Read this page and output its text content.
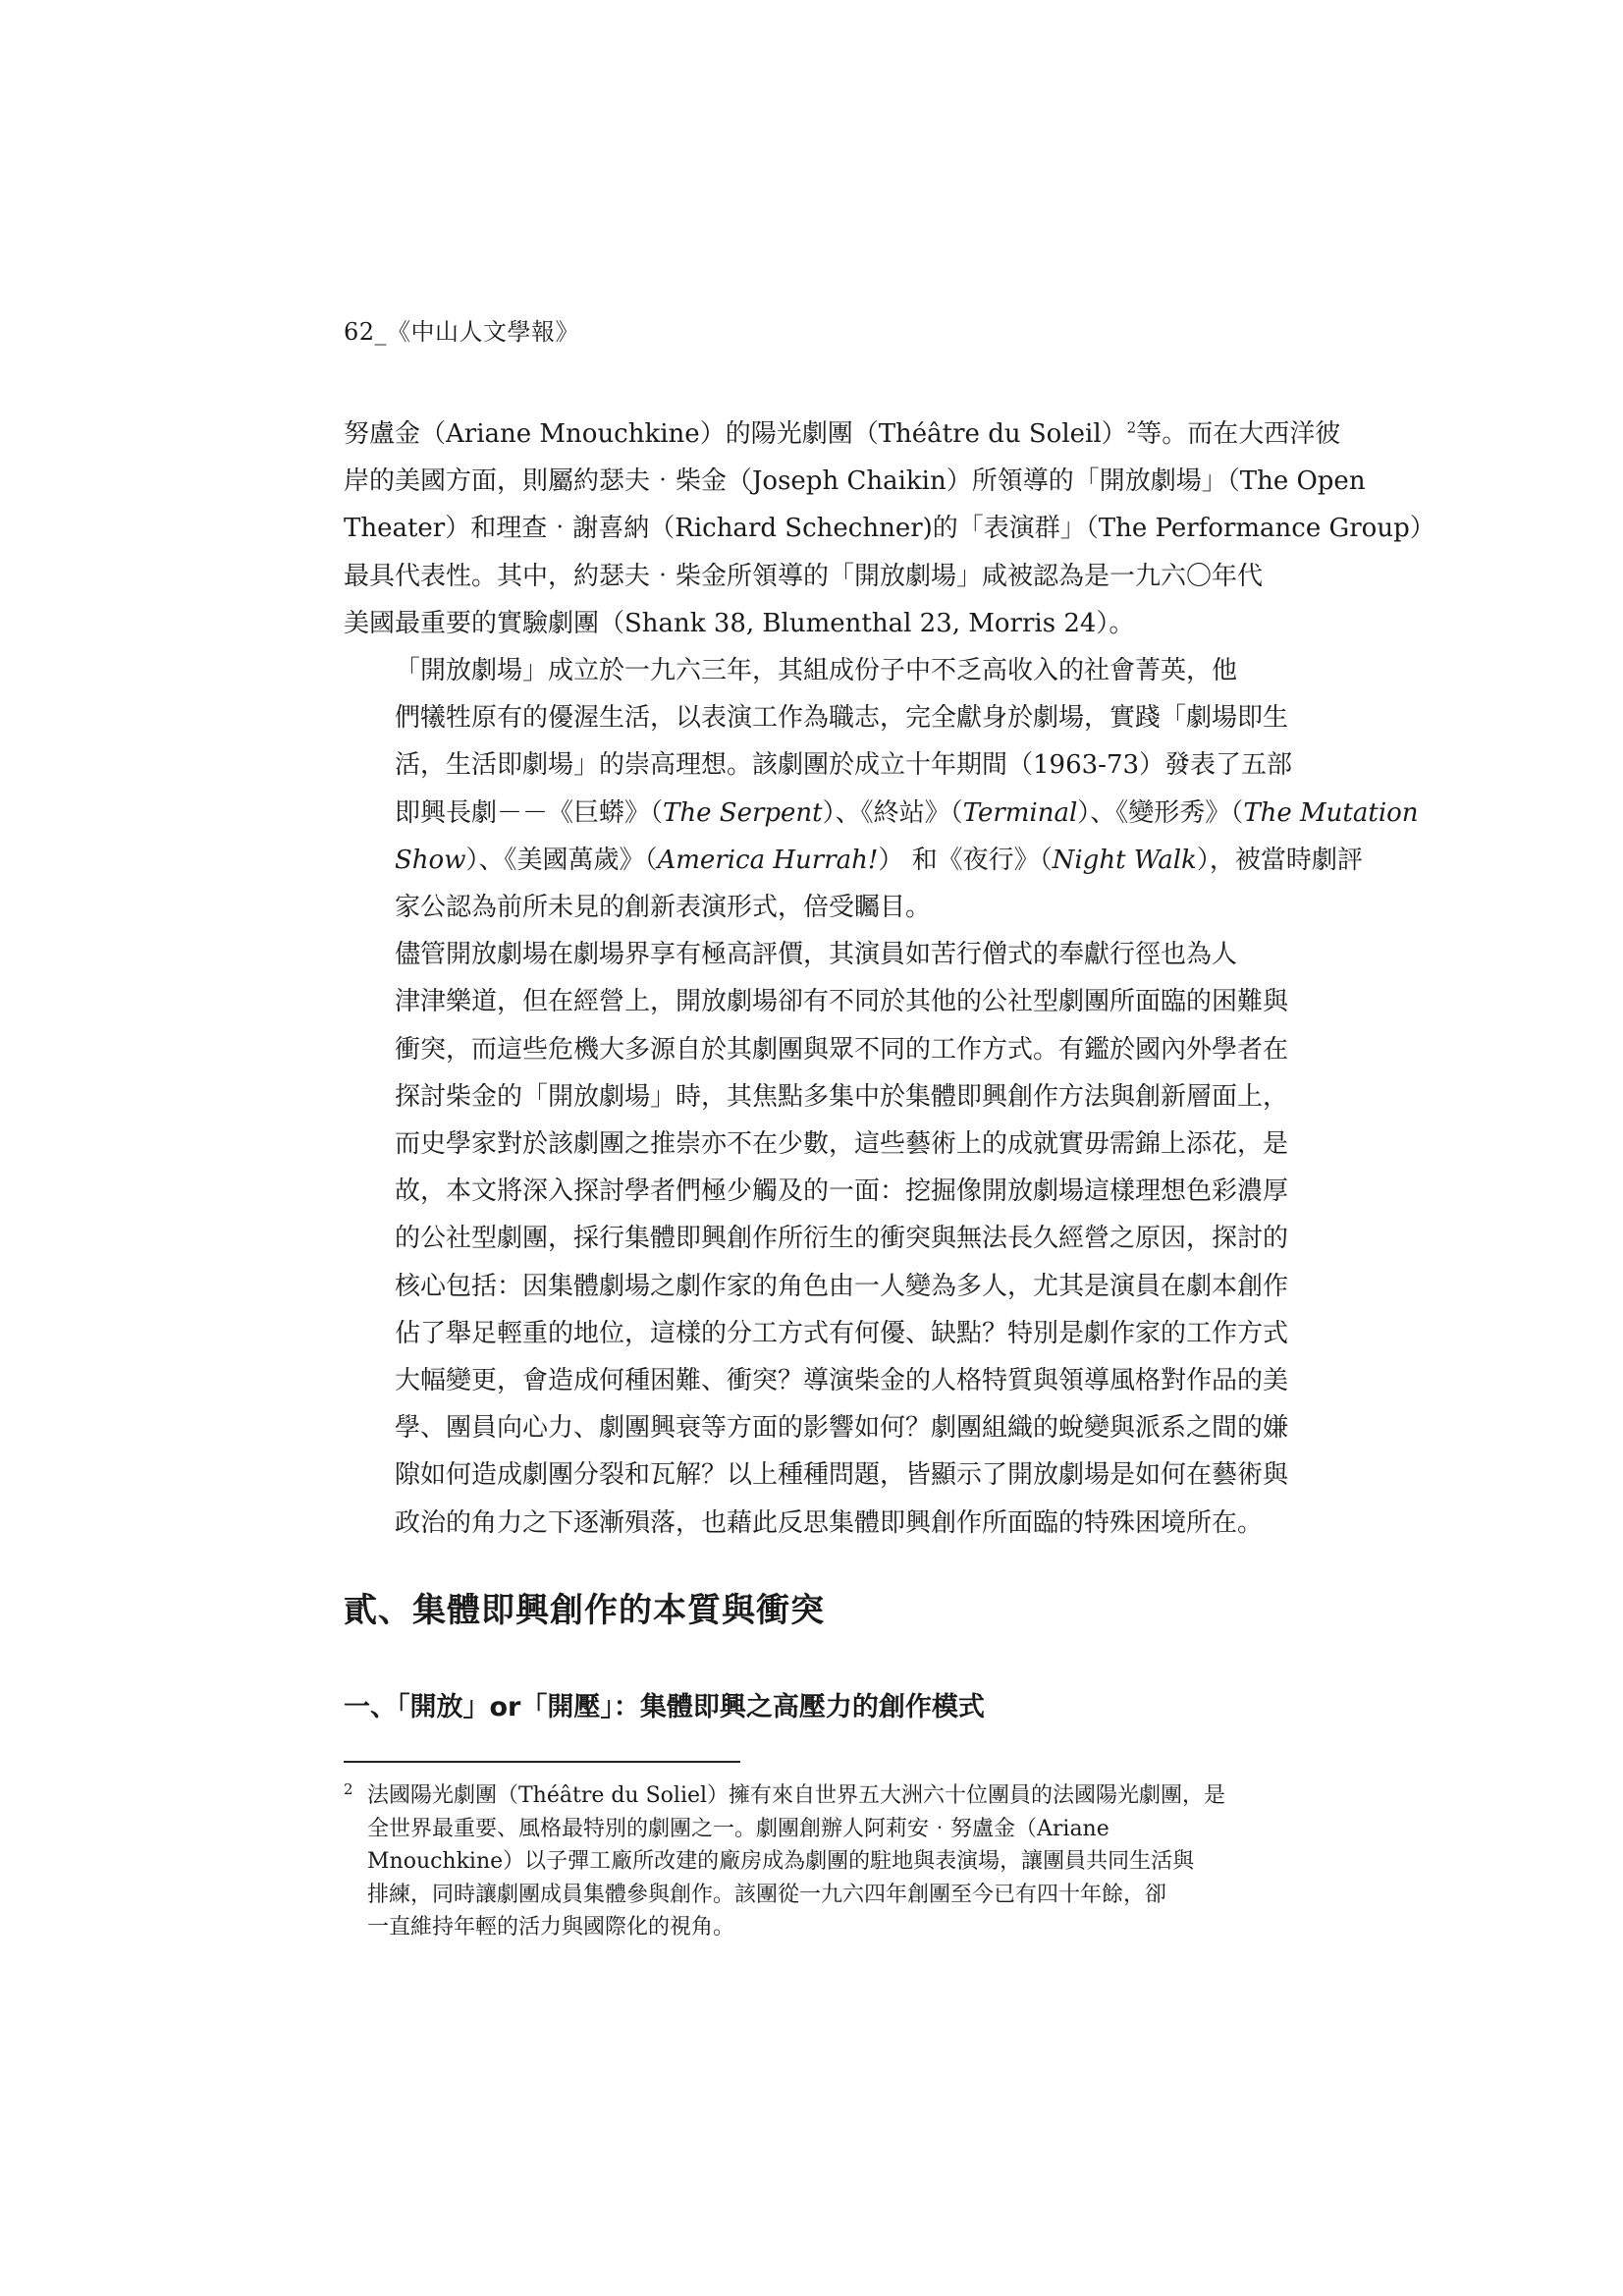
62_《中山人文學報》

努盧金（Ariane Mnouchkine）的陽光劇團（Théâtre du Soleil）$^2$等。而在大西洋彼
岸的美國方面，則屬約瑟夫‧柴金（Joseph Chaikin）所領導的「開放劇場」（The Open
Theater）和理查‧謝喜納（Richard Schechner)的「表演群」（The Performance Group）
最具代表性。其中，約瑟夫‧柴金所領導的「開放劇場」咸被認為是一九六〇年代
美國最重要的實驗劇團（Shank 38, Blumenthal 23, Morris 24）。

「開放劇場」成立於一九六三年，其組成份子中不乏高收入的社會菁英，他
們犧牲原有的優渥生活，以表演工作為職志，完全獻身於劇場，實踐「劇場即生
活，生活即劇場」的崇高理想。該劇團於成立十年期間（1963-73）發表了五部
即興長劇－－《巨蟒》（The Serpent）、《終站》（Terminal）、《變形秀》（The Mutation
Show）、《美國萬歲》（America Hurrah!） 和《夜行》（Night Walk），被當時劇評
家公認為前所未見的創新表演形式，倍受矚目。

儘管開放劇場在劇場界享有極高評價，其演員如苦行僧式的奉獻行徑也為人
津津樂道，但在經營上，開放劇場卻有不同於其他的公社型劇團所面臨的困難與
衝突，而這些危機大多源自於其劇團與眾不同的工作方式。有鑑於國內外學者在
探討柴金的「開放劇場」時，其焦點多集中於集體即興創作方法與創新層面上，
而史學家對於該劇團之推崇亦不在少數，這些藝術上的成就實毋需錦上添花，是
故，本文將深入探討學者們極少觸及的一面：挖掘像開放劇場這樣理想色彩濃厚
的公社型劇團，採行集體即興創作所衍生的衝突與無法長久經營之原因，探討的
核心包括：因集體劇場之劇作家的角色由一人變為多人，尤其是演員在劇本創作
佔了舉足輕重的地位，這樣的分工方式有何優、缺點？特別是劇作家的工作方式
大幅變更，會造成何種困難、衝突？導演柴金的人格特質與領導風格對作品的美
學、團員向心力、劇團興衰等方面的影響如何？劇團組織的蛻變與派系之間的嫌
隙如何造成劇團分裂和瓦解？以上種種問題，皆顯示了開放劇場是如何在藝術與
政治的角力之下逐漸殞落，也藉此反思集體即興創作所面臨的特殊困境所在。

貳、集體即興創作的本質與衝突
一、「開放」or「開壓」：集體即興之高壓力的創作模式
2 法國陽光劇團（Théâtre du Soliel）擁有來自世界五大洲六十位團員的法國陽光劇團，是
全世界最重要、風格最特別的劇團之一。劇團創辦人阿莉安‧努盧金（Ariane
Mnouchkine）以子彈工廠所改建的廠房成為劇團的駐地與表演場，讓團員共同生活與
排練，同時讓劇團成員集體參與創作。該團從一九六四年創團至今已有四十年餘，卻
一直維持年輕的活力與國際化的視角。
